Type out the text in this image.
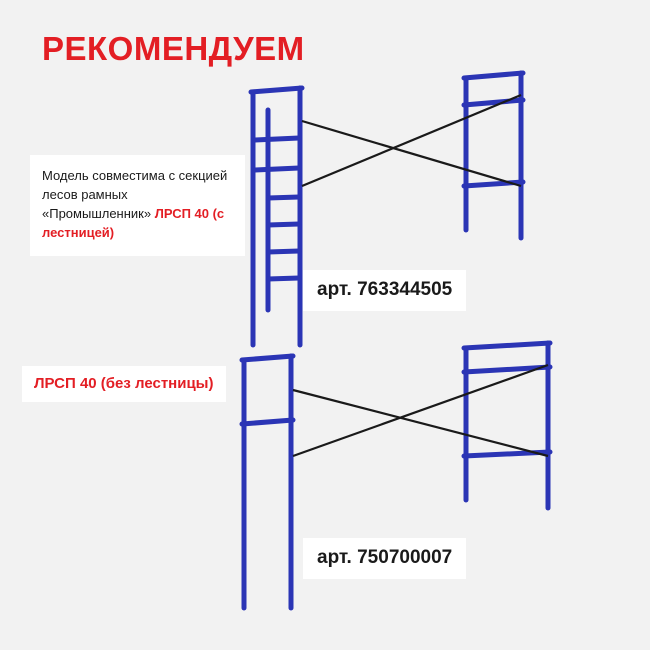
РЕКОМЕНДУЕМ
Модель совместима с секцией лесов рамных «Промышленник» ЛРСП 40 (с лестницей)
арт. 763344505
ЛРСП 40 (без лестницы)
арт. 750700007
